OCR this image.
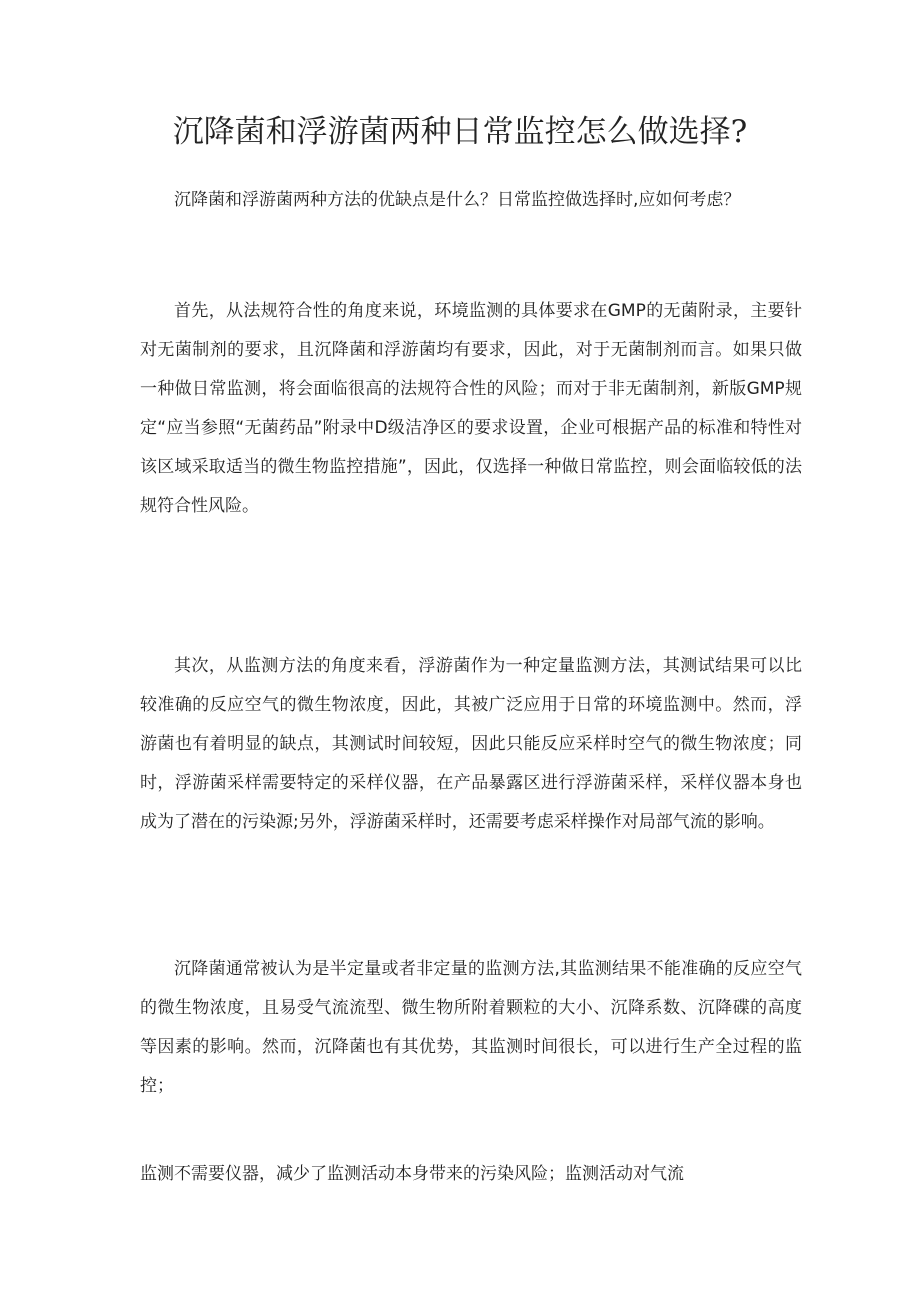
沉降菌和浮游菌两种日常监控怎么做选择?

沉降菌和浮游菌两种方法的优缺点是什么？日常监控做选择时,应如何考虑？

首先，从法规符合性的角度来说，环境监测的具体要求在GMP的无菌附录，主要针对无菌制剂的要求，且沉降菌和浮游菌均有要求，因此，对于无菌制剂而言。如果只做一种做日常监测，将会面临很高的法规符合性的风险；而对于非无菌制剂，新版GMP规定“应当参照“无菌药品”附录中D级洁净区的要求设置，企业可根据产品的标准和特性对该区域采取适当的微生物监控措施”，因此，仅选择一种做日常监控，则会面临较低的法规符合性风险。

其次，从监测方法的角度来看，浮游菌作为一种定量监测方法，其测试结果可以比较准确的反应空气的微生物浓度，因此，其被广泛应用于日常的环境监测中。然而，浮游菌也有着明显的缺点，其测试时间较短，因此只能反应采样时空气的微生物浓度；同时，浮游菌采样需要特定的采样仪器，在产品暴露区进行浮游菌采样，采样仪器本身也成为了潜在的污染源;另外，浮游菌采样时，还需要考虑采样操作对局部气流的影响。

沉降菌通常被认为是半定量或者非定量的监测方法,其监测结果不能准确的反应空气的微生物浓度，且易受气流流型、微生物所附着颗粒的大小、沉降系数、沉降碟的高度等因素的影响。然而，沉降菌也有其优势，其监测时间很长，可以进行生产全过程的监控；

监测不需要仪器，减少了监测活动本身带来的污染风险；监测活动对气流
